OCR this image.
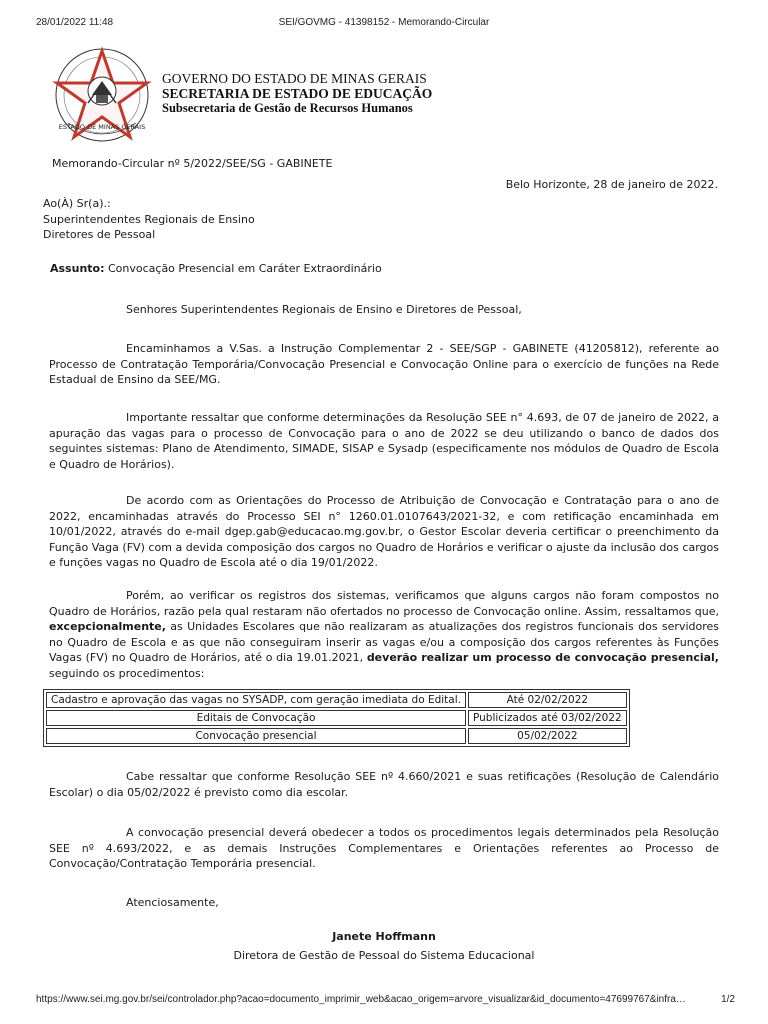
28/01/2022 11:48	SEI/GOVMG - 41398152 - Memorando-Circular
ESTADO DE MINAS GERAIS
GOVERNO DO ESTADO DE MINAS GERAIS
SECRETARIA DE ESTADO DE EDUCAÇÃO
Subsecretaria de Gestão de Recursos Humanos
Memorando-Circular nº 5/2022/SEE/SG - GABINETE
Belo Horizonte, 28 de janeiro de 2022.
Ao(À) Sr(a).:
Superintendentes Regionais de Ensino
Diretores de Pessoal
Assunto: Convocação Presencial em Caráter Extraordinário
Senhores Superintendentes Regionais de Ensino e Diretores de Pessoal,
Encaminhamos a V.Sas. a Instrução Complementar 2 - SEE/SGP - GABINETE (41205812), referente ao Processo de Contratação Temporária/Convocação Presencial e Convocação Online para o exercício de funções na Rede Estadual de Ensino da SEE/MG.
Importante ressaltar que conforme determinações da Resolução SEE n° 4.693, de 07 de janeiro de 2022, a apuração das vagas para o processo de Convocação para o ano de 2022 se deu utilizando o banco de dados dos seguintes sistemas: Plano de Atendimento, SIMADE, SISAP e Sysadp (especificamente nos módulos de Quadro de Escola e Quadro de Horários).
De acordo com as Orientações do Processo de Atribuição de Convocação e Contratação para o ano de 2022, encaminhadas através do Processo SEI n° 1260.01.0107643/2021-32, e com retificação encaminhada em 10/01/2022, através do e-mail dgep.gab@educacao.mg.gov.br, o Gestor Escolar deveria certificar o preenchimento da Função Vaga (FV) com a devida composição dos cargos no Quadro de Horários e verificar o ajuste da inclusão dos cargos e funções vagas no Quadro de Escola até o dia 19/01/2022.
Porém, ao verificar os registros dos sistemas, verificamos que alguns cargos não foram compostos no Quadro de Horários, razão pela qual restaram não ofertados no processo de Convocação online. Assim, ressaltamos que, excepcionalmente, as Unidades Escolares que não realizaram as atualizações dos registros funcionais dos servidores no Quadro de Escola e as que não conseguiram inserir as vagas e/ou a composição dos cargos referentes às Funções Vagas (FV) no Quadro de Horários, até o dia 19.01.2021, deverão realizar um processo de convocação presencial, seguindo os procedimentos:
Cadastro e aprovação das vagas no SYSADP, com geração imediata do Edital.	Até 02/02/2022
Editais de Convocação	Publicizados até 03/02/2022
Convocação presencial	05/02/2022
Cabe ressaltar que conforme Resolução SEE nº 4.660/2021 e suas retificações (Resolução de Calendário Escolar) o dia 05/02/2022 é previsto como dia escolar.
A convocação presencial deverá obedecer a todos os procedimentos legais determinados pela Resolução SEE nº 4.693/2022, e as demais Instruções Complementares e Orientações referentes ao Processo de Convocação/Contratação Temporária presencial.
Atenciosamente,
Janete Hoffmann
Diretora de Gestão de Pessoal do Sistema Educacional
https://www.sei.mg.gov.br/sei/controlador.php?acao=documento_imprimir_web&acao_origem=arvore_visualizar&id_documento=47699767&infra…	1/2
